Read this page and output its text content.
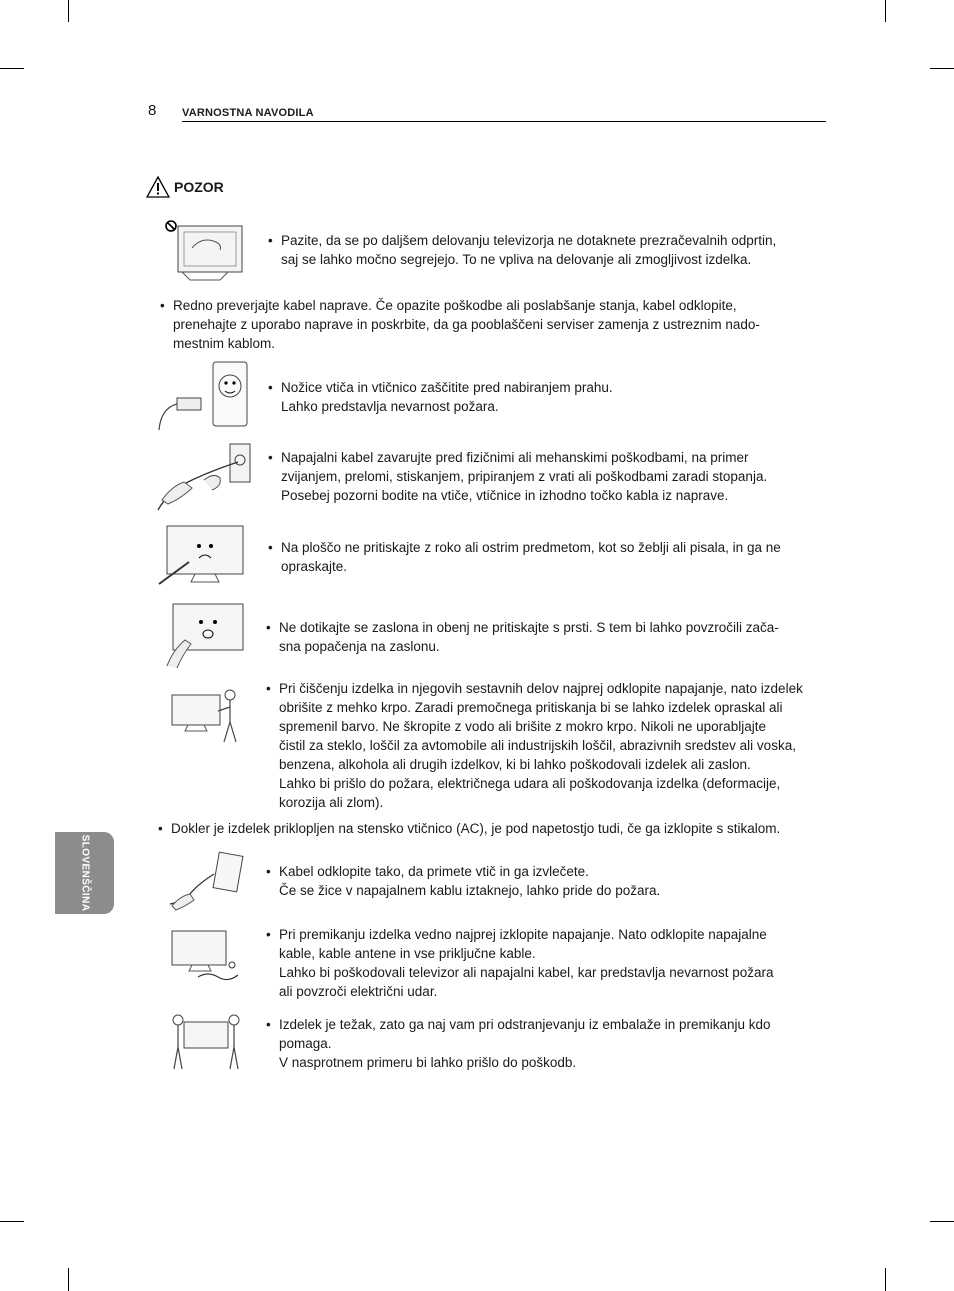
8 VARNOSTNA NAVODILA
POZOR
• Pazite, da se po daljšem delovanju televizorja ne dotaknete prezračevalnih odprtin,
saj se lahko močno segrejejo. To ne vpliva na delovanje ali zmogljivost izdelka.
• Redno preverjajte kabel naprave. Če opazite poškodbe ali poslabšanje stanja, kabel odklopite,
prenehajte z uporabo naprave in poskrbite, da ga pooblaščeni serviser zamenja z ustreznim nado-
mestnim kablom.
• Nožice vtiča in vtičnico zaščitite pred nabiranjem prahu.
Lahko predstavlja nevarnost požara.
• Napajalni kabel zavarujte pred fizičnimi ali mehanskimi poškodbami, na primer
zvijanjem, prelomi, stiskanjem, pripiranjem z vrati ali poškodbami zaradi stopanja.
Posebej pozorni bodite na vtiče, vtičnice in izhodno točko kabla iz naprave.
• Na ploščo ne pritiskajte z roko ali ostrim predmetom, kot so žeblji ali pisala, in ga ne
opraskajte.
• Ne dotikajte se zaslona in obenj ne pritiskajte s prsti. S tem bi lahko povzročili zača-
sna popačenja na zaslonu.
• Pri čiščenju izdelka in njegovih sestavnih delov najprej odklopite napajanje, nato izdelek
obrišite z mehko krpo. Zaradi premočnega pritiskanja bi se lahko izdelek opraskal ali
spremenil barvo. Ne škropite z vodo ali brišite z mokro krpo. Nikoli ne uporabljajte
čistil za steklo, loščil za avtomobile ali industrijskih loščil, abrazivnih sredstev ali voska,
benzena, alkohola ali drugih izdelkov, ki bi lahko poškodovali izdelek ali zaslon.
Lahko bi prišlo do požara, električnega udara ali poškodovanja izdelka (deformacije,
korozija ali zlom).
• Dokler je izdelek priklopljen na stensko vtičnico (AC), je pod napetostjo tudi, če ga izklopite s stikalom.
• Kabel odklopite tako, da primete vtič in ga izvlečete.
Če se žice v napajalnem kablu iztaknejo, lahko pride do požara.
• Pri premikanju izdelka vedno najprej izklopite napajanje. Nato odklopite napajalne
kable, kable antene in vse priključne kable.
Lahko bi poškodovali televizor ali napajalni kabel, kar predstavlja nevarnost požara
ali povzroči električni udar.
• Izdelek je težak, zato ga naj vam pri odstranjevanju iz embalaže in premikanju kdo
pomaga.
V nasprotnem primeru bi lahko prišlo do poškodb.
SLOVENŠČINA
